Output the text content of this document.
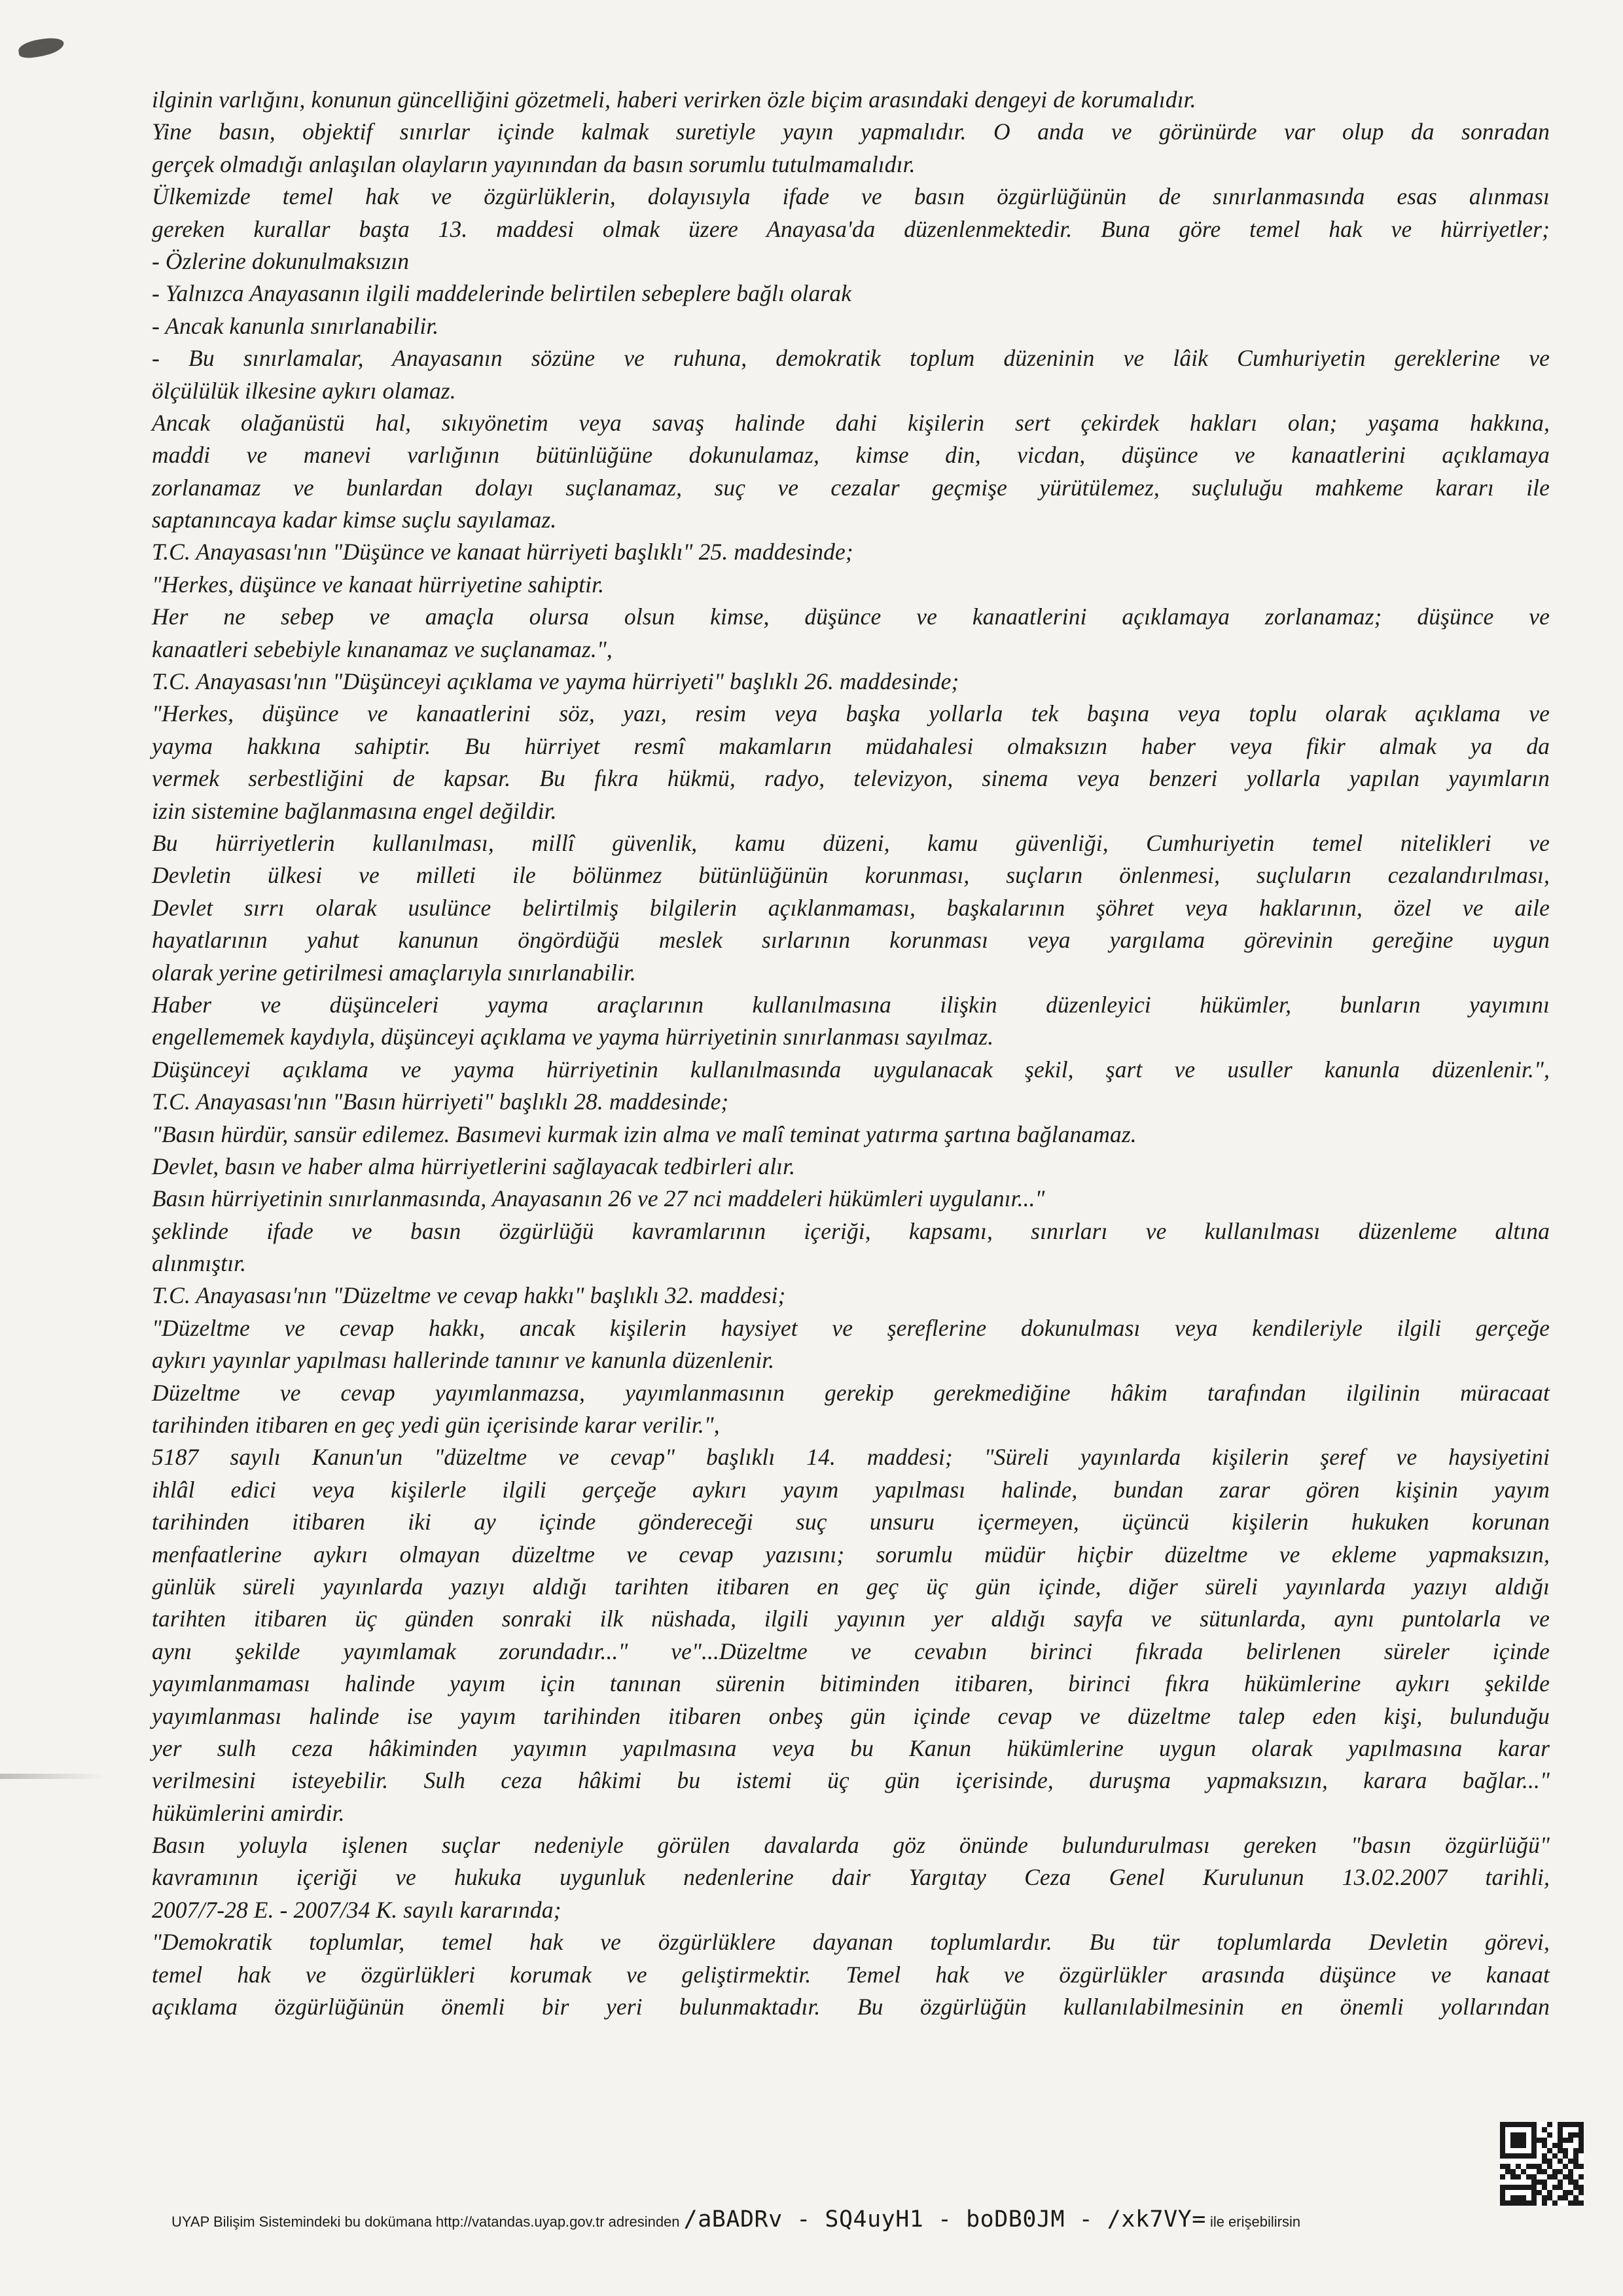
ilginin varlığını, konunun güncelliğini gözetmeli, haberi verirken özle biçim arasındaki dengeyi de korumalıdır.
Yine basın, objektif sınırlar içinde kalmak suretiyle yayın yapmalıdır. O anda ve görünürde var olup da sonradan
gerçek olmadığı anlaşılan olayların yayınından da basın sorumlu tutulmamalıdır.
Ülkemizde temel hak ve özgürlüklerin, dolayısıyla ifade ve basın özgürlüğünün de sınırlanmasında esas alınması
gereken kurallar başta 13. maddesi olmak üzere Anayasa'da düzenlenmektedir. Buna göre temel hak ve hürriyetler;
- Özlerine dokunulmaksızın
- Yalnızca Anayasanın ilgili maddelerinde belirtilen sebeplere bağlı olarak
- Ancak kanunla sınırlanabilir.
- Bu sınırlamalar, Anayasanın sözüne ve ruhuna, demokratik toplum düzeninin ve lâik Cumhuriyetin gereklerine ve
ölçülülük ilkesine aykırı olamaz.
Ancak olağanüstü hal, sıkıyönetim veya savaş halinde dahi kişilerin sert çekirdek hakları olan; yaşama hakkına,
maddi ve manevi varlığının bütünlüğüne dokunulamaz, kimse din, vicdan, düşünce ve kanaatlerini açıklamaya
zorlanamaz ve bunlardan dolayı suçlanamaz, suç ve cezalar geçmişe yürütülemez, suçluluğu mahkeme kararı ile
saptanıncaya kadar kimse suçlu sayılamaz.
T.C. Anayasası'nın "Düşünce ve kanaat hürriyeti başlıklı" 25. maddesinde;
"Herkes, düşünce ve kanaat hürriyetine sahiptir.
Her ne sebep ve amaçla olursa olsun kimse, düşünce ve kanaatlerini açıklamaya zorlanamaz; düşünce ve
kanaatleri sebebiyle kınanamaz ve suçlanamaz.",
T.C. Anayasası'nın "Düşünceyi açıklama ve yayma hürriyeti" başlıklı 26. maddesinde;
"Herkes, düşünce ve kanaatlerini söz, yazı, resim veya başka yollarla tek başına veya toplu olarak açıklama ve
yayma hakkına sahiptir. Bu hürriyet resmî makamların müdahalesi olmaksızın haber veya fikir almak ya da
vermek serbestliğini de kapsar. Bu fıkra hükmü, radyo, televizyon, sinema veya benzeri yollarla yapılan yayımların
izin sistemine bağlanmasına engel değildir.
Bu hürriyetlerin kullanılması, millî güvenlik, kamu düzeni, kamu güvenliği, Cumhuriyetin temel nitelikleri ve
Devletin ülkesi ve milleti ile bölünmez bütünlüğünün korunması, suçların önlenmesi, suçluların cezalandırılması,
Devlet sırrı olarak usulünce belirtilmiş bilgilerin açıklanmaması, başkalarının şöhret veya haklarının, özel ve aile
hayatlarının yahut kanunun öngördüğü meslek sırlarının korunması veya yargılama görevinin gereğine uygun
olarak yerine getirilmesi amaçlarıyla sınırlanabilir.
Haber ve düşünceleri yayma araçlarının kullanılmasına ilişkin düzenleyici hükümler, bunların yayımını
engellememek kaydıyla, düşünceyi açıklama ve yayma hürriyetinin sınırlanması sayılmaz.
Düşünceyi açıklama ve yayma hürriyetinin kullanılmasında uygulanacak şekil, şart ve usuller kanunla düzenlenir.",
T.C. Anayasası'nın "Basın hürriyeti" başlıklı 28. maddesinde;
"Basın hürdür, sansür edilemez. Basımevi kurmak izin alma ve malî teminat yatırma şartına bağlanamaz.
Devlet, basın ve haber alma hürriyetlerini sağlayacak tedbirleri alır.
Basın hürriyetinin sınırlanmasında, Anayasanın 26 ve 27 nci maddeleri hükümleri uygulanır..."
şeklinde ifade ve basın özgürlüğü kavramlarının içeriği, kapsamı, sınırları ve kullanılması düzenleme altına
alınmıştır.
T.C. Anayasası'nın "Düzeltme ve cevap hakkı" başlıklı 32. maddesi;
"Düzeltme ve cevap hakkı, ancak kişilerin haysiyet ve şereflerine dokunulması veya kendileriyle ilgili gerçeğe
aykırı yayınlar yapılması hallerinde tanınır ve kanunla düzenlenir.
Düzeltme ve cevap yayımlanmazsa, yayımlanmasının gerekip gerekmediğine hâkim tarafından ilgilinin müracaat
tarihinden itibaren en geç yedi gün içerisinde karar verilir.",
5187 sayılı Kanun'un "düzeltme ve cevap" başlıklı 14. maddesi; "Süreli yayınlarda kişilerin şeref ve haysiyetini
ihlâl edici veya kişilerle ilgili gerçeğe aykırı yayım yapılması halinde, bundan zarar gören kişinin yayım
tarihinden itibaren iki ay içinde göndereceği suç unsuru içermeyen, üçüncü kişilerin hukuken korunan
menfaatlerine aykırı olmayan düzeltme ve cevap yazısını; sorumlu müdür hiçbir düzeltme ve ekleme yapmaksızın,
günlük süreli yayınlarda yazıyı aldığı tarihten itibaren en geç üç gün içinde, diğer süreli yayınlarda yazıyı aldığı
tarihten itibaren üç günden sonraki ilk nüshada, ilgili yayının yer aldığı sayfa ve sütunlarda, aynı puntolarla ve
aynı şekilde yayımlamak zorundadır..." ve"...Düzeltme ve cevabın birinci fıkrada belirlenen süreler içinde
yayımlanmaması halinde yayım için tanınan sürenin bitiminden itibaren, birinci fıkra hükümlerine aykırı şekilde
yayımlanması halinde ise yayım tarihinden itibaren onbeş gün içinde cevap ve düzeltme talep eden kişi, bulunduğu
yer sulh ceza hâkiminden yayımın yapılmasına veya bu Kanun hükümlerine uygun olarak yapılmasına karar
verilmesini isteyebilir. Sulh ceza hâkimi bu istemi üç gün içerisinde, duruşma yapmaksızın, karara bağlar..."
hükümlerini amirdir.
Basın yoluyla işlenen suçlar nedeniyle görülen davalarda göz önünde bulundurulması gereken "basın özgürlüğü"
kavramının içeriği ve hukuka uygunluk nedenlerine dair Yargıtay Ceza Genel Kurulunun 13.02.2007 tarihli,
2007/7-28 E. - 2007/34 K. sayılı kararında;
"Demokratik toplumlar, temel hak ve özgürlüklere dayanan toplumlardır. Bu tür toplumlarda Devletin görevi,
temel hak ve özgürlükleri korumak ve geliştirmektir. Temel hak ve özgürlükler arasında düşünce ve kanaat
açıklama özgürlüğünün önemli bir yeri bulunmaktadır. Bu özgürlüğün kullanılabilmesinin en önemli yollarından
UYAP Bilişim Sistemindeki bu dokümana http://vatandas.uyap.gov.tr adresinden /aBADRv - SQ4uyH1 - boDB0JM - /xk7VY= ile erişebilirsin
